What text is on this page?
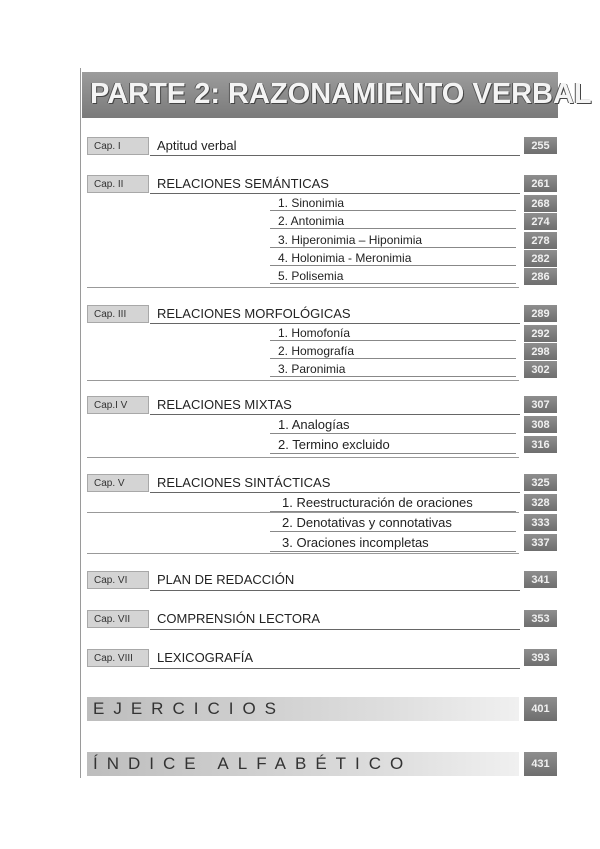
PARTE 2: RAZONAMIENTO VERBAL
Cap. I	Aptitud verbal	255
Cap. II	RELACIONES SEMÁNTICAS	261
1. Sinonimia	268
2. Antonimia	274
3. Hiperonimia – Hiponimia	278
4. Holonimia - Meronimia	282
5. Polisemia	286
Cap. III	RELACIONES MORFOLÓGICAS	289
1. Homofonía	292
2. Homografía	298
3. Paronimia	302
Cap.I V	RELACIONES MIXTAS	307
1. Analogías	308
2. Termino excluido	316
Cap. V	RELACIONES SINTÁCTICAS	325
1. Reestructuración de oraciones	328
2. Denotativas y connotativas	333
3. Oraciones incompletas	337
Cap. VI	PLAN DE REDACCIÓN	341
Cap. VII	COMPRENSIÓN LECTORA	353
Cap. VIII	LEXICOGRAFÍA	393
EJERCICIOS	401
ÍNDICE ALFABÉTICO	431
